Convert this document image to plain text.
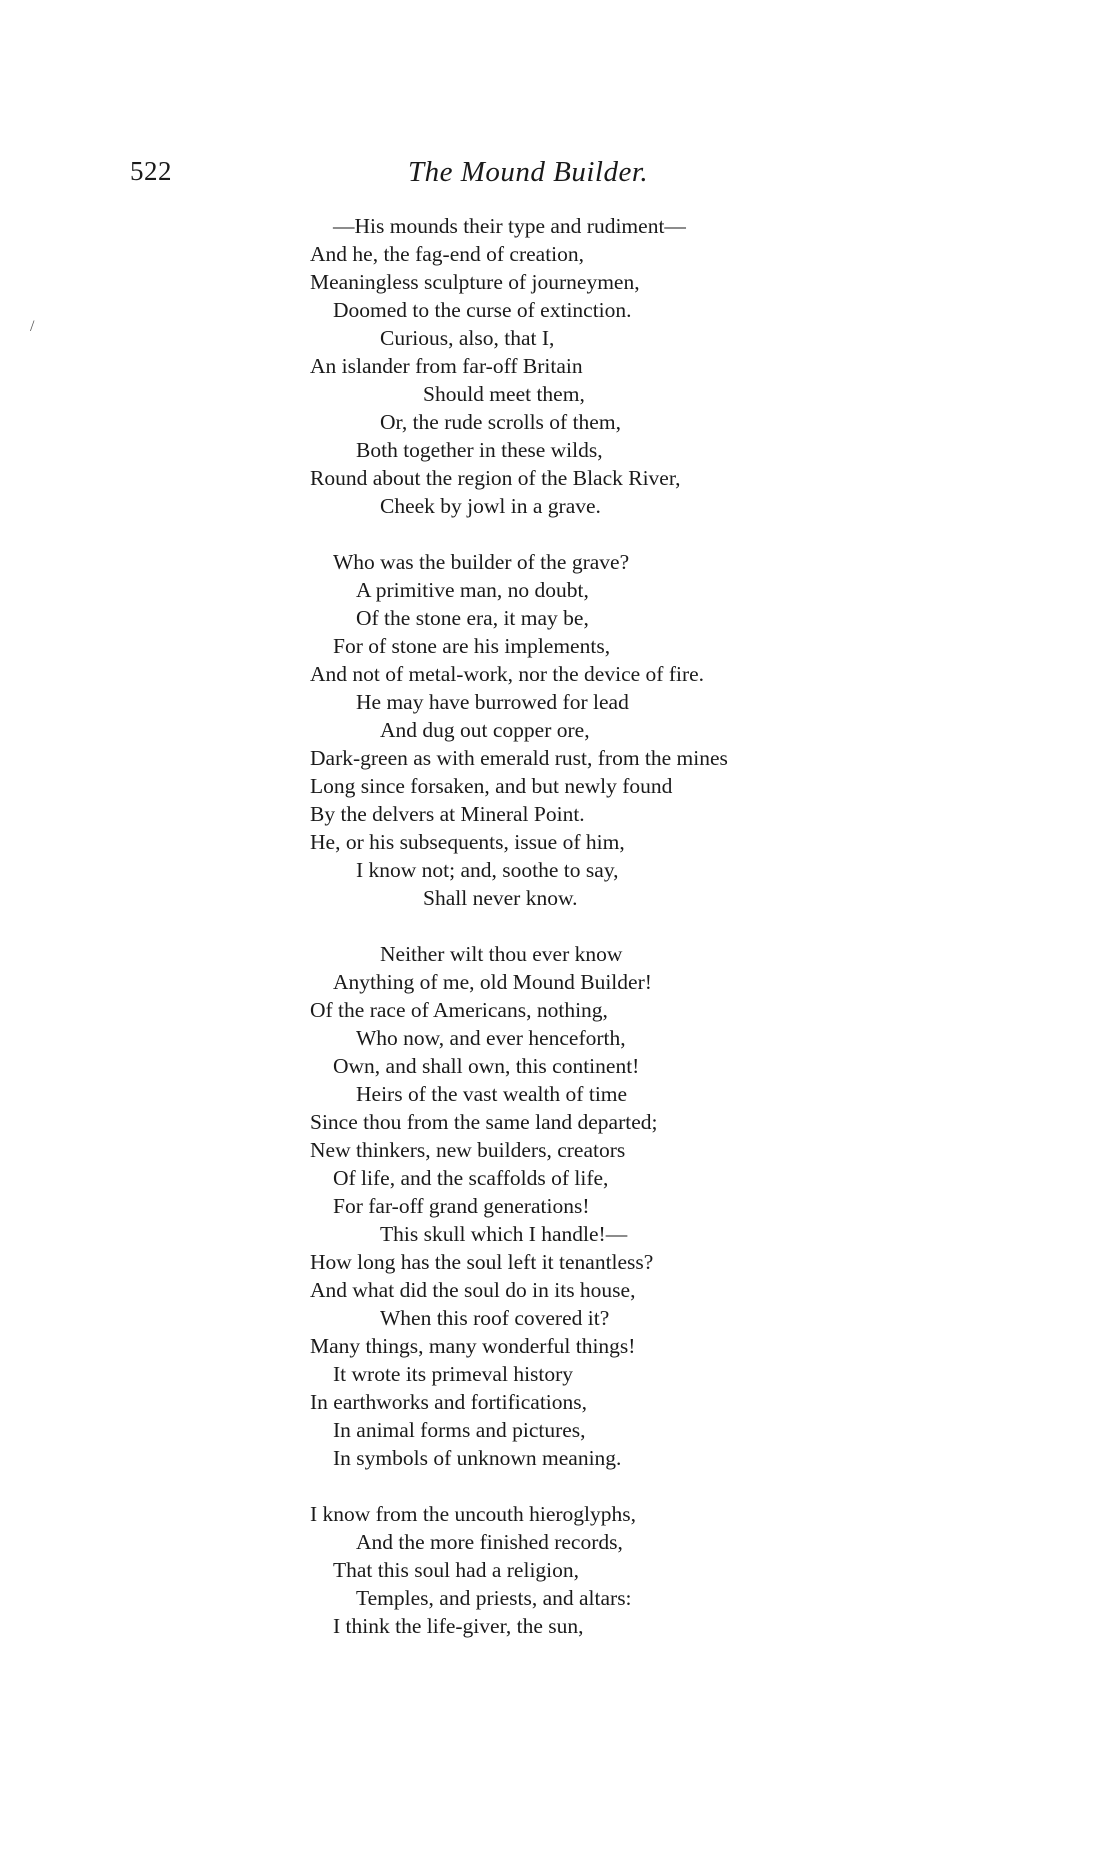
522	The Mound Builder.
/
—His mounds their type and rudiment—
And he, the fag-end of creation,
Meaningless sculpture of journeymen,
Doomed to the curse of extinction.
Curious, also, that I,
An islander from far-off Britain
Should meet them,
Or, the rude scrolls of them,
Both together in these wilds,
Round about the region of the Black River,
Cheek by jowl in a grave.
Who was the builder of the grave?
A primitive man, no doubt,
Of the stone era, it may be,
For of stone are his implements,
And not of metal-work, nor the device of fire.
He may have burrowed for lead
And dug out copper ore,
Dark-green as with emerald rust, from the mines
Long since forsaken, and but newly found
By the delvers at Mineral Point.
He, or his subsequents, issue of him,
I know not; and, soothe to say,
Shall never know.
Neither wilt thou ever know
Anything of me, old Mound Builder!
Of the race of Americans, nothing,
Who now, and ever henceforth,
Own, and shall own, this continent!
Heirs of the vast wealth of time
Since thou from the same land departed;
New thinkers, new builders, creators
Of life, and the scaffolds of life,
For far-off grand generations!
This skull which I handle!—
How long has the soul left it tenantless?
And what did the soul do in its house,
When this roof covered it?
Many things, many wonderful things!
It wrote its primeval history
In earthworks and fortifications,
In animal forms and pictures,
In symbols of unknown meaning.
I know from the uncouth hieroglyphs,
And the more finished records,
That this soul had a religion,
Temples, and priests, and altars:
I think the life-giver, the sun,
